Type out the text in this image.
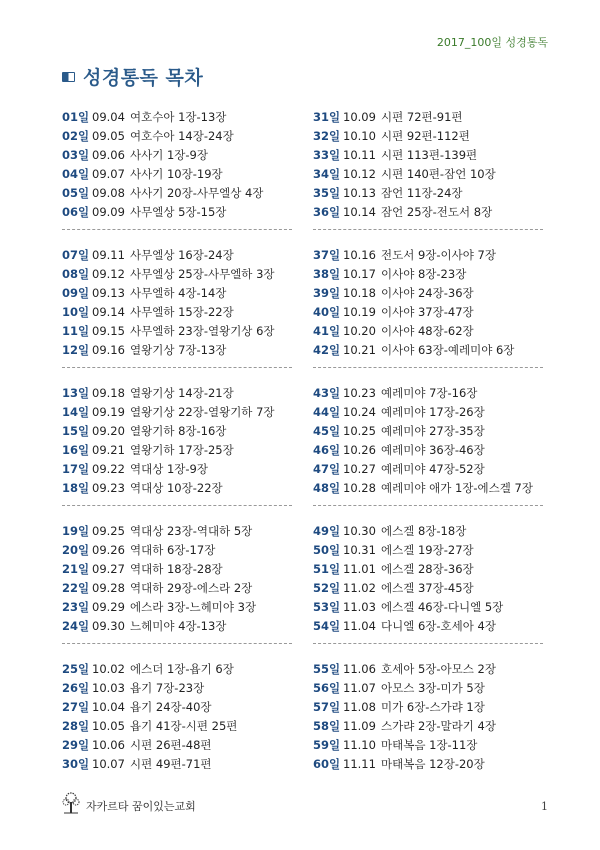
2017_100일 성경통독
성경통독 목차
01일 09.04 여호수아 1장-13장
02일 09.05 여호수아 14장-24장
03일 09.06 사사기 1장-9장
04일 09.07 사사기 10장-19장
05일 09.08 사사기 20장-사무엘상 4장
06일 09.09 사무엘상 5장-15장
07일 09.11 사무엘상 16장-24장
08일 09.12 사무엘상 25장-사무엘하 3장
09일 09.13 사무엘하 4장-14장
10일 09.14 사무엘하 15장-22장
11일 09.15 사무엘하 23장-열왕기상 6장
12일 09.16 열왕기상 7장-13장
13일 09.18 열왕기상 14장-21장
14일 09.19 열왕기상 22장-열왕기하 7장
15일 09.20 열왕기하 8장-16장
16일 09.21 열왕기하 17장-25장
17일 09.22 역대상 1장-9장
18일 09.23 역대상 10장-22장
19일 09.25 역대상 23장-역대하 5장
20일 09.26 역대하 6장-17장
21일 09.27 역대하 18장-28장
22일 09.28 역대하 29장-에스라 2장
23일 09.29 에스라 3장-느헤미야 3장
24일 09.30 느헤미야 4장-13장
25일 10.02 에스더 1장-욥기 6장
26일 10.03 욥기 7장-23장
27일 10.04 욥기 24장-40장
28일 10.05 욥기 41장-시편 25편
29일 10.06 시편 26편-48편
30일 10.07 시편 49편-71편
31일 10.09 시편 72편-91편
32일 10.10 시편 92편-112편
33일 10.11 시편 113편-139편
34일 10.12 시편 140편-잠언 10장
35일 10.13 잠언 11장-24장
36일 10.14 잠언 25장-전도서 8장
37일 10.16 전도서 9장-이사야 7장
38일 10.17 이사야 8장-23장
39일 10.18 이사야 24장-36장
40일 10.19 이사야 37장-47장
41일 10.20 이사야 48장-62장
42일 10.21 이사야 63장-예레미야 6장
43일 10.23 예레미야 7장-16장
44일 10.24 예레미야 17장-26장
45일 10.25 예레미야 27장-35장
46일 10.26 예레미야 36장-46장
47일 10.27 예레미야 47장-52장
48일 10.28 예레미야 애가 1장-에스겔 7장
49일 10.30 에스겔 8장-18장
50일 10.31 에스겔 19장-27장
51일 11.01 에스겔 28장-36장
52일 11.02 에스겔 37장-45장
53일 11.03 에스겔 46장-다니엘 5장
54일 11.04 다니엘 6장-호세아 4장
55일 11.06 호세아 5장-아모스 2장
56일 11.07 아모스 3장-미가 5장
57일 11.08 미가 6장-스가랴 1장
58일 11.09 스가랴 2장-말라기 4장
59일 11.10 마태복음 1장-11장
60일 11.11 마태복음 12장-20장
자카르타 꿈이있는교회	1
